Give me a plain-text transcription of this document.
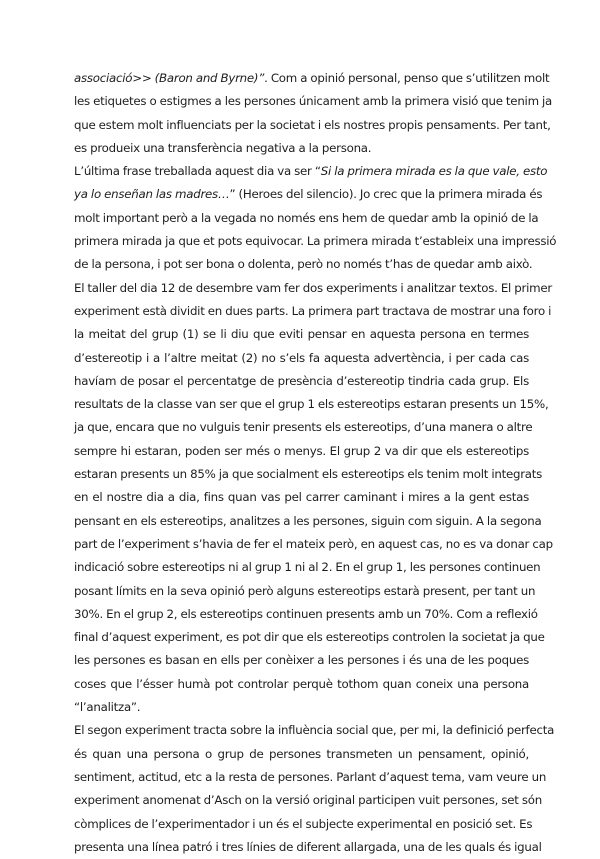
associació>> (Baron and Byrne)”. Com a opinió personal, penso que s’utilitzen molt
les etiquetes o estigmes a les persones únicament amb la primera visió que tenim ja
que estem molt influenciats per la societat i els nostres propis pensaments. Per tant,
es produeix una transferència negativa a la persona.
L’última frase treballada aquest dia va ser “Si la primera mirada es la que vale, esto
ya lo enseñan las madres…” (Heroes del silencio). Jo crec que la primera mirada és
molt important però a la vegada no només ens hem de quedar amb la opinió de la
primera mirada ja que et pots equivocar. La primera mirada t’estableix una impressió
de la persona, i pot ser bona o dolenta, però no només t’has de quedar amb això.
El taller del dia 12 de desembre vam fer dos experiments i analitzar textos. El primer
experiment està dividit en dues parts. La primera part tractava de mostrar una foro i
la meitat del grup (1) se li diu que eviti pensar en aquesta persona en termes
d’estereotip i a l’altre meitat (2) no s’els fa aquesta advertència, i per cada cas
havíam de posar el percentatge de presència d’estereotip tindria cada grup. Els
resultats de la classe van ser que el grup 1 els estereotips estaran presents un 15%,
ja que, encara que no vulguis tenir presents els estereotips, d’una manera o altre
sempre hi estaran, poden ser més o menys. El grup 2 va dir que els estereotips
estaran presents un 85% ja que socialment els estereotips els tenim molt integrats
en el nostre dia a dia, fins quan vas pel carrer caminant i mires a la gent estas
pensant en els estereotips, analitzes a les persones, siguin com siguin. A la segona
part de l’experiment s’havia de fer el mateix però, en aquest cas, no es va donar cap
indicació sobre estereotips ni al grup 1 ni al 2. En el grup 1, les persones continuen
posant límits en la seva opinió però alguns estereotips estarà present, per tant un
30%. En el grup 2, els estereotips continuen presents amb un 70%. Com a reflexió
final d’aquest experiment, es pot dir que els estereotips controlen la societat ja que
les persones es basan en ells per conèixer a les persones i és una de les poques
coses que l’ésser humà pot controlar perquè tothom quan coneix una persona
“l’analitza”.
El segon experiment tracta sobre la influència social que, per mi, la definició perfecta
és quan una persona o grup de persones transmeten un pensament, opinió,
sentiment, actitud, etc a la resta de persones. Parlant d’aquest tema, vam veure un
experiment anomenat d’Asch on la versió original participen vuit persones, set són
còmplices de l’experimentador i un és el subjecte experimental en posició set. Es
presenta una línea patró i tres línies de diferent allargada, una de les quals és igual
